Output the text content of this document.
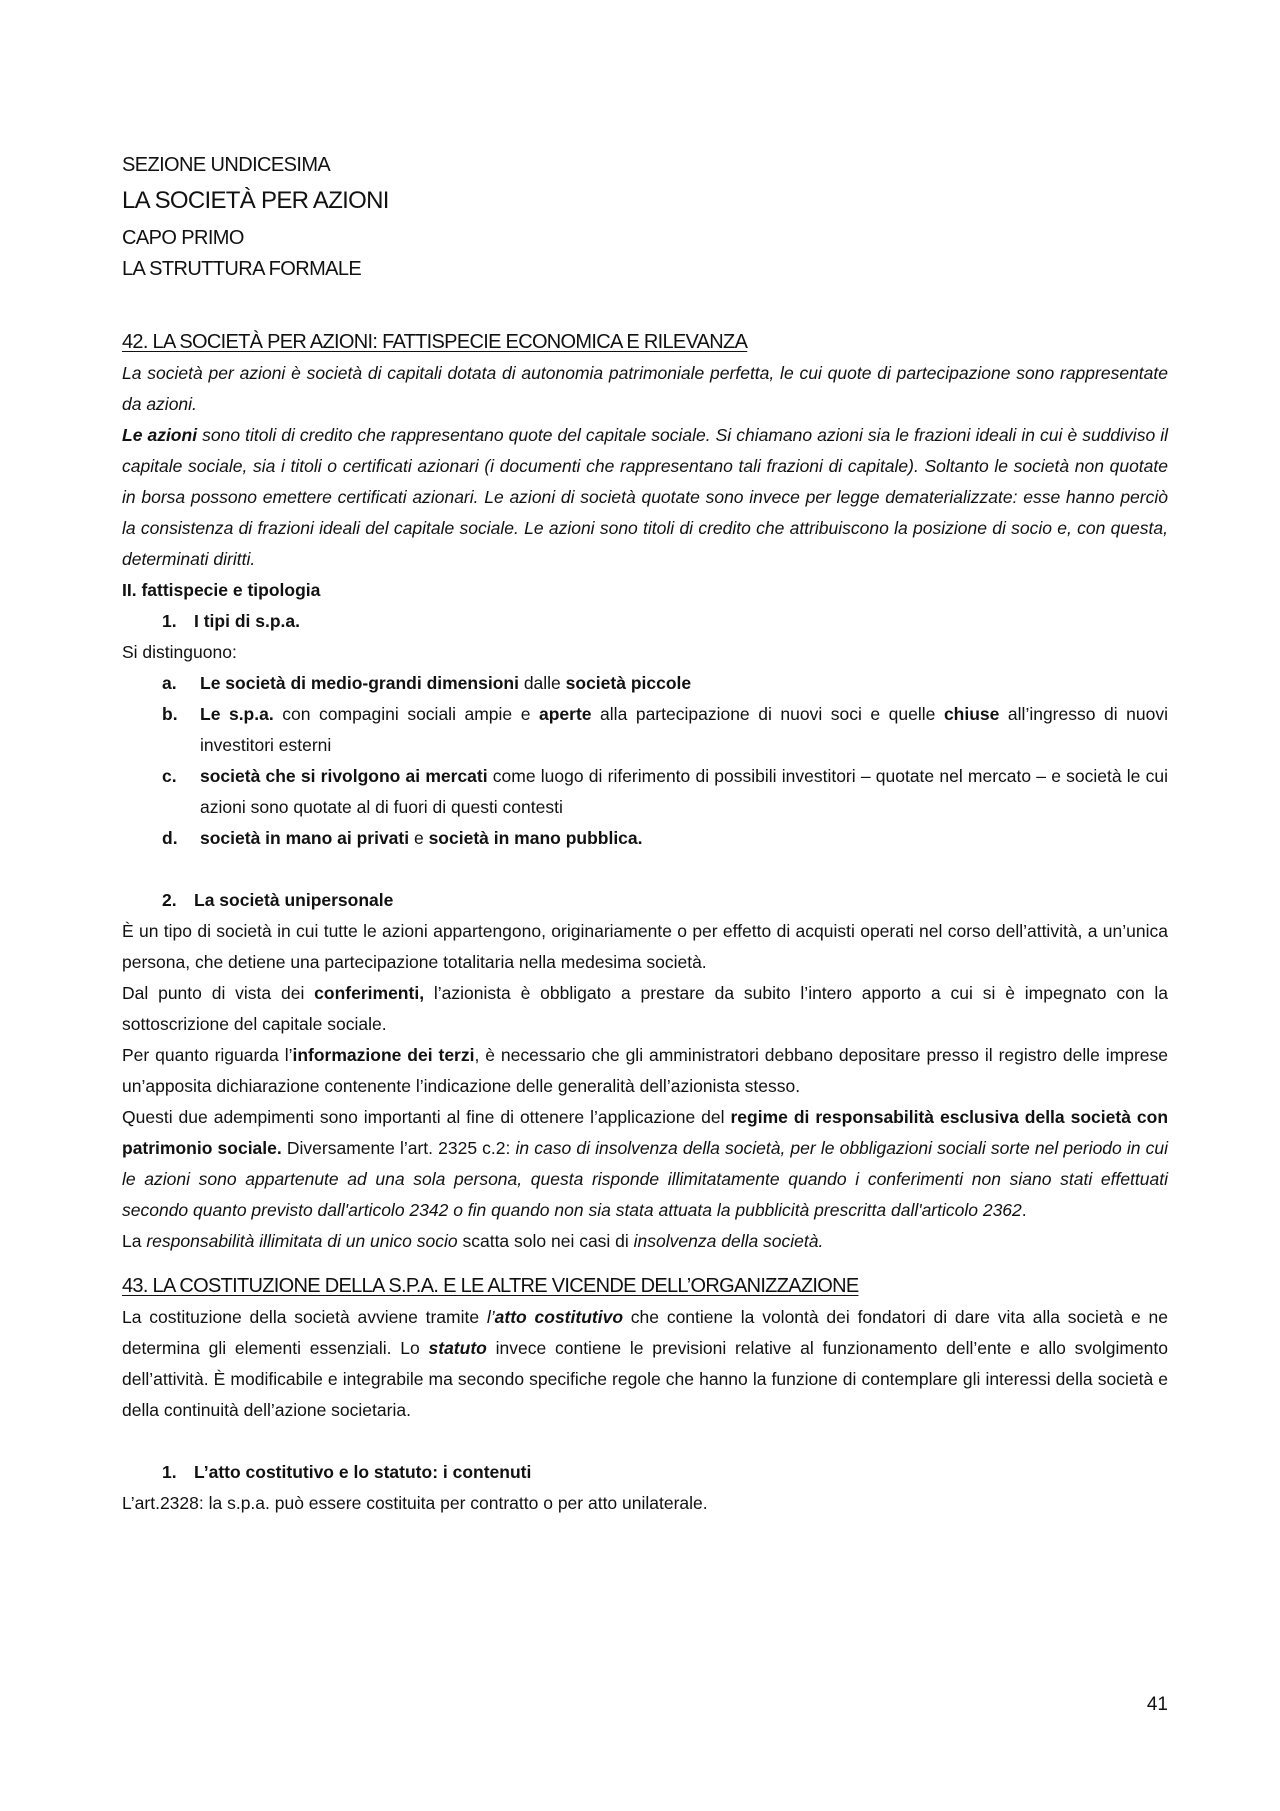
SEZIONE UNDICESIMA
LA SOCIETÀ PER AZIONI
CAPO PRIMO
LA STRUTTURA FORMALE
42. LA SOCIETÀ PER AZIONI: FATTISPECIE ECONOMICA E RILEVANZA

La società per azioni è società di capitali dotata di autonomia patrimoniale perfetta, le cui quote di partecipazione sono rappresentate da azioni.

Le azioni sono titoli di credito che rappresentano quote del capitale sociale. Si chiamano azioni sia le frazioni ideali in cui è suddiviso il capitale sociale, sia i titoli o certificati azionari (i documenti che rappresentano tali frazioni di capitale). Soltanto le società non quotate in borsa possono emettere certificati azionari. Le azioni di società quotate sono invece per legge dematerializzate: esse hanno perciò la consistenza di frazioni ideali del capitale sociale. Le azioni sono titoli di credito che attribuiscono la posizione di socio e, con questa, determinati diritti.

II. fattispecie e tipologia

1. I tipi di s.p.a.

Si distinguono:

a. Le società di medio-grandi dimensioni dalle società piccole

b. Le s.p.a. con compagini sociali ampie e aperte alla partecipazione di nuovi soci e quelle chiuse all’ingresso di nuovi investitori esterni

c. società che si rivolgono ai mercati come luogo di riferimento di possibili investitori – quotate nel mercato – e società le cui azioni sono quotate al di fuori di questi contesti

d. società in mano ai privati e società in mano pubblica.

2. La società unipersonale

È un tipo di società in cui tutte le azioni appartengono, originariamente o per effetto di acquisti operati nel corso dell’attività, a un’unica persona, che detiene una partecipazione totalitaria nella medesima società.

Dal punto di vista dei conferimenti, l’azionista è obbligato a prestare da subito l’intero apporto a cui si è impegnato con la sottoscrizione del capitale sociale.

Per quanto riguarda l’informazione dei terzi, è necessario che gli amministratori debbano depositare presso il registro delle imprese un’apposita dichiarazione contenente l’indicazione delle generalità dell’azionista stesso.

Questi due adempimenti sono importanti al fine di ottenere l’applicazione del regime di responsabilità esclusiva della società con patrimonio sociale. Diversamente l’art. 2325 c.2: in caso di insolvenza della società, per le obbligazioni sociali sorte nel periodo in cui le azioni sono appartenute ad una sola persona, questa risponde illimitatamente quando i conferimenti non siano stati effettuati secondo quanto previsto dall'articolo 2342 o fin quando non sia stata attuata la pubblicità prescritta dall'articolo 2362.

La responsabilità illimitata di un unico socio scatta solo nei casi di insolvenza della società.

43. LA COSTITUZIONE DELLA S.P.A. E LE ALTRE VICENDE DELL’ORGANIZZAZIONE

La costituzione della società avviene tramite l’atto costitutivo che contiene la volontà dei fondatori di dare vita alla società e ne determina gli elementi essenziali. Lo statuto invece contiene le previsioni relative al funzionamento dell’ente e allo svolgimento dell’attività. È modificabile e integrabile ma secondo specifiche regole che hanno la funzione di contemplare gli interessi della società e della continuità dell’azione societaria.

1. L’atto costitutivo e lo statuto: i contenuti

L’art.2328: la s.p.a. può essere costituita per contratto o per atto unilaterale.

41
